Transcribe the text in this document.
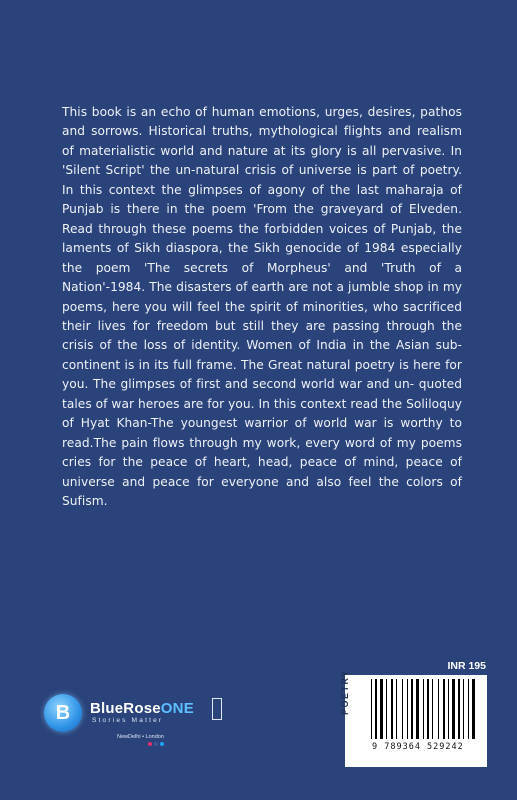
This book is an echo of human emotions, urges, desires, pathos and sorrows. Historical truths, mythological flights and realism of materialistic world and nature at its glory is all pervasive. In 'Silent Script' the un-natural crisis of universe is part of poetry. In this context the glimpses of agony of the last maharaja of Punjab is there in the poem 'From the graveyard of Elveden. Read through these poems the forbidden voices of Punjab, the laments of Sikh diaspora, the Sikh genocide of 1984 especially the poem 'The secrets of Morpheus' and 'Truth of a Nation'-1984. The disasters of earth are not a jumble shop in my poems, here you will feel the spirit of minorities, who sacrificed their lives for freedom but still they are passing through the crisis of the loss of identity. Women of India in the Asian sub- continent is in its full frame. The Great natural poetry is here for you. The glimpses of first and second world war and un- quoted tales of war heroes are for you. In this context read the Soliloquy of Hyat Khan-The youngest warrior of world war is worthy to read.The pain flows through my work, every word of my poems cries for the peace of heart, head, peace of mind, peace of universe and peace for everyone and also feel the colors of Sufism.

INR 195
POETRY
9 789364 529242
www.BlueRoseOne.com
B	BlueRoseONE
Stories Matter
NewDelhi • London
